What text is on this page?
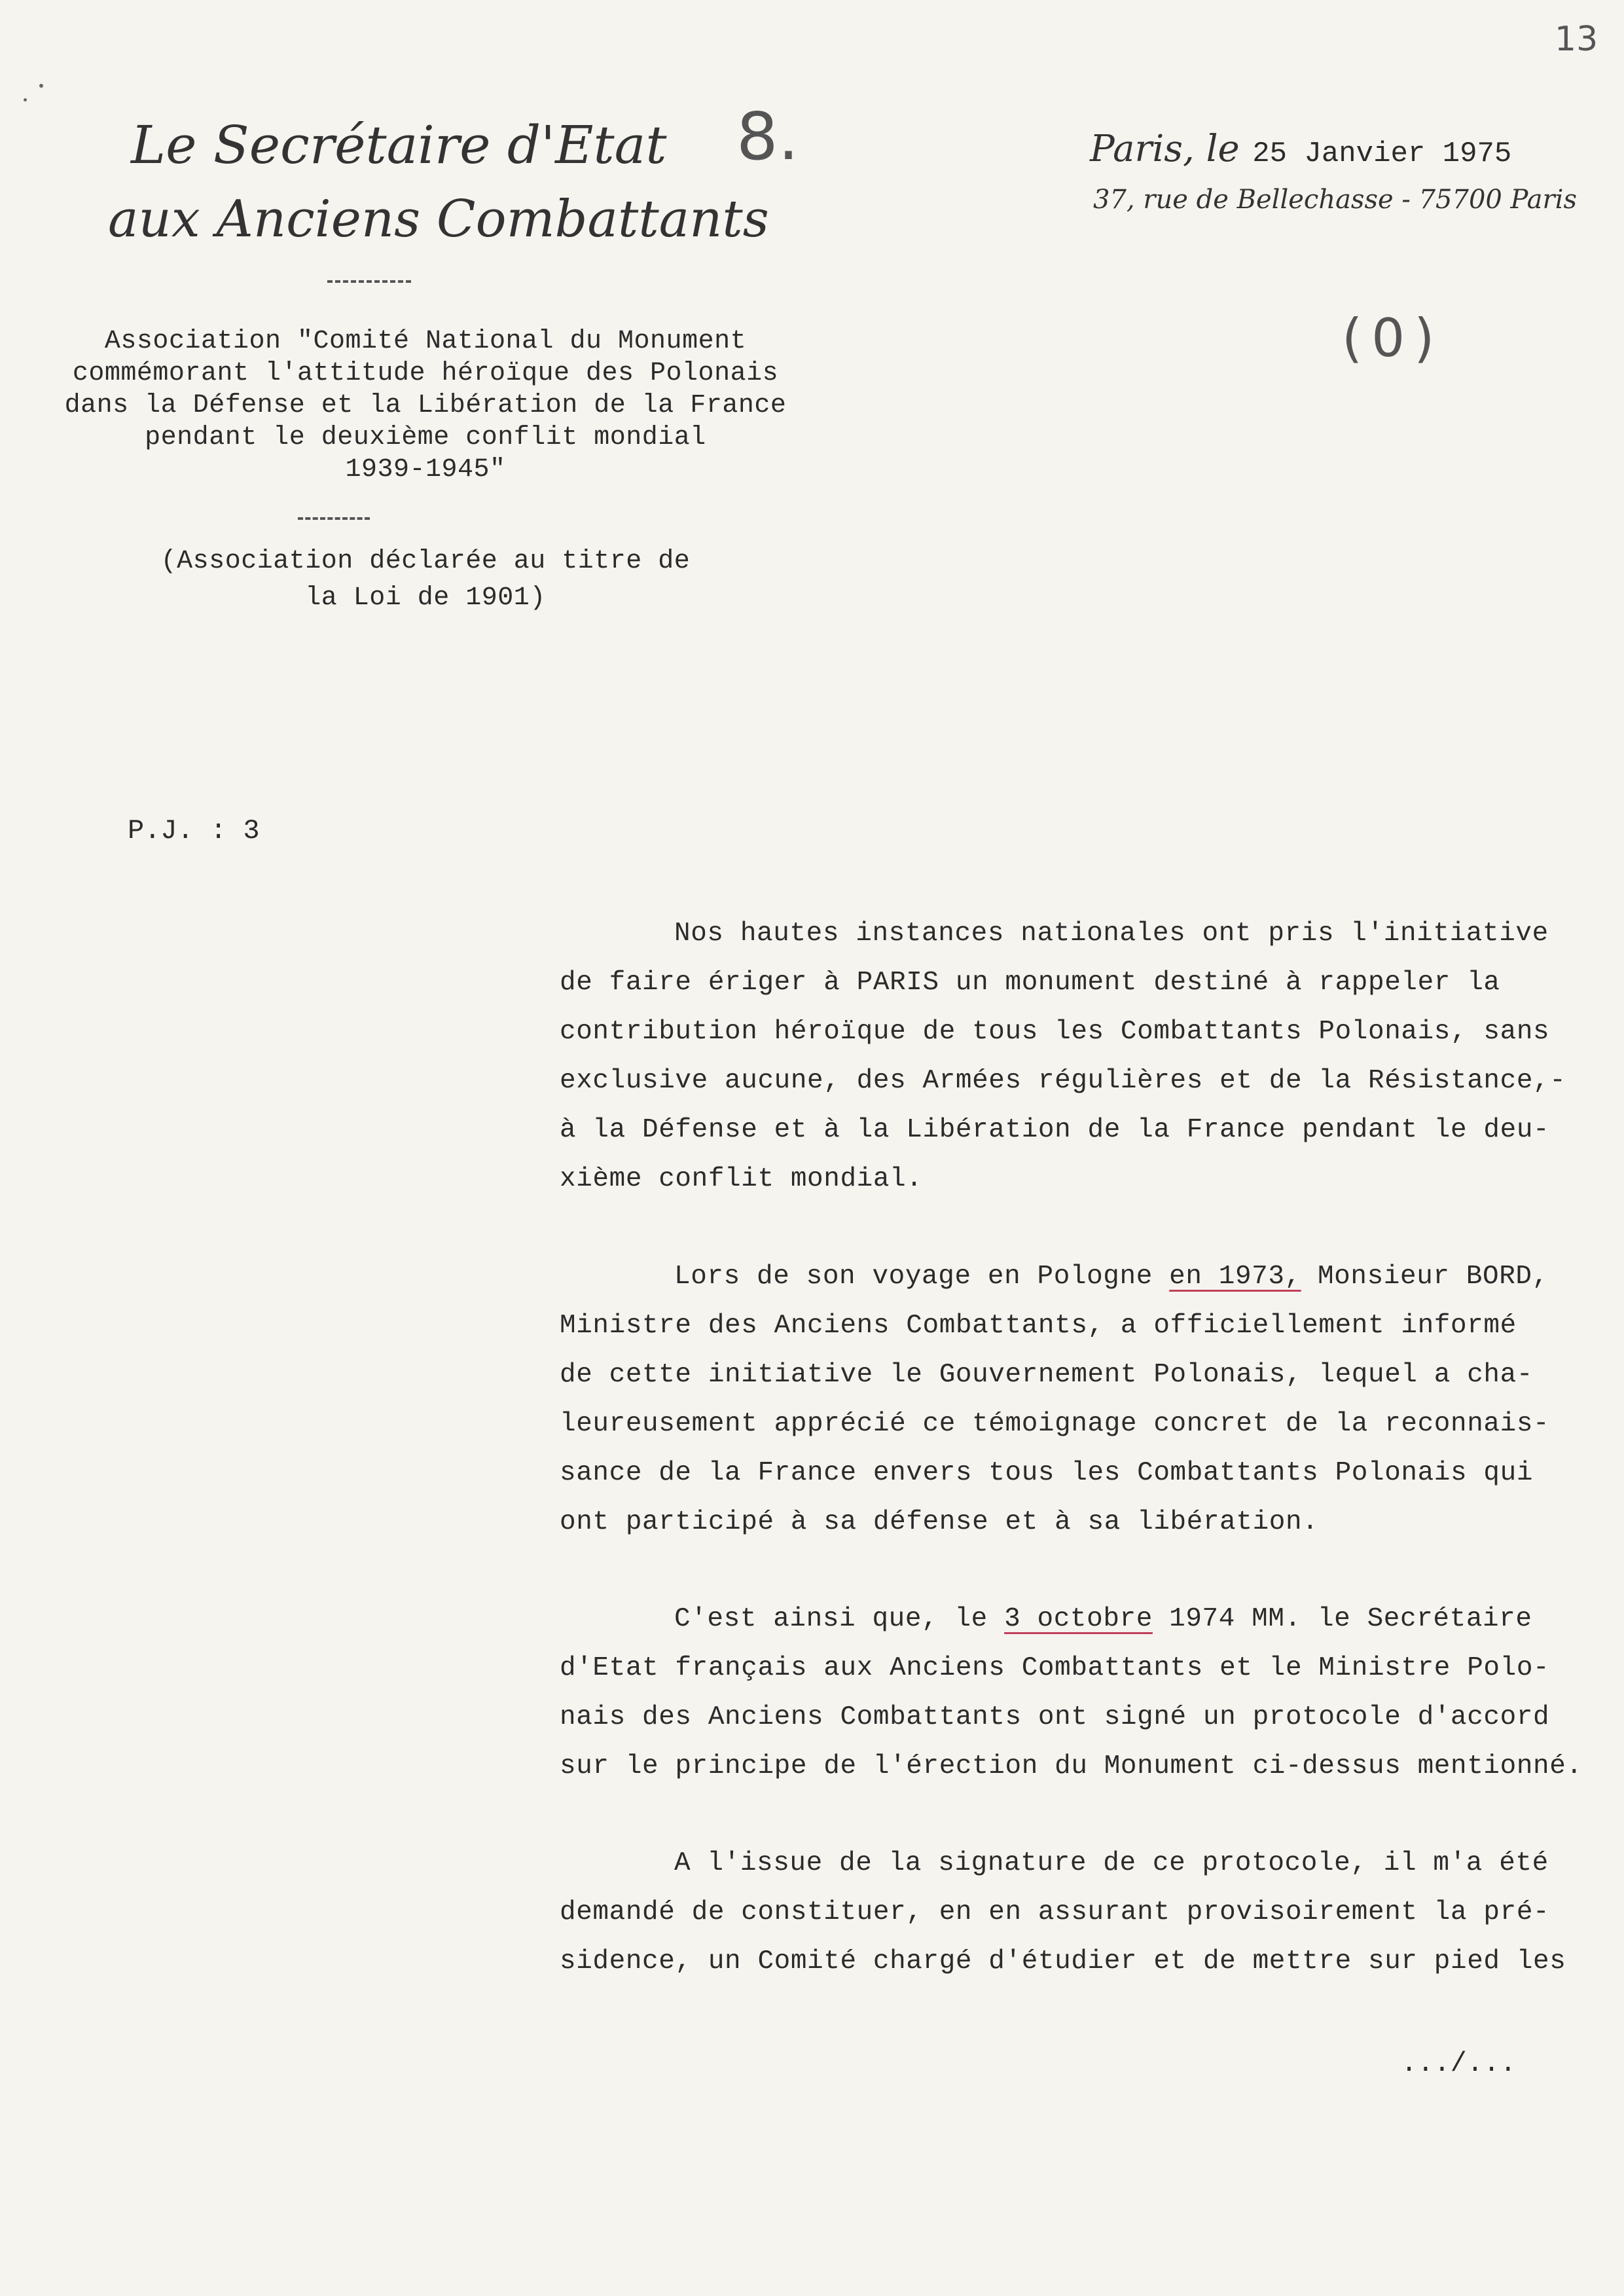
13
Le Secrétaire d'Etat
aux Anciens Combattants
8.	Paris, le 25 Janvier 1975
37, rue de Bellechasse - 75700 Paris
(0)
Association "Comité National du Monument
commémorant l'attitude héroïque des Polonais
dans la Défense et la Libération de la France
pendant le deuxième conflit mondial
1939-1945"
(Association déclarée au titre de
la Loi de 1901)
P.J. : 3
Nos hautes instances nationales ont pris l'initiative
de faire ériger à PARIS un monument destiné à rappeler la
contribution héroïque de tous les Combattants Polonais, sans
exclusive aucune, des Armées régulières et de la Résistance,-
à la Défense et à la Libération de la France pendant le deu-
xième conflit mondial.
Lors de son voyage en Pologne en 1973, Monsieur BORD,
Ministre des Anciens Combattants, a officiellement informé
de cette initiative le Gouvernement Polonais, lequel a cha-
leureusement apprécié ce témoignage concret de la reconnais-
sance de la France envers tous les Combattants Polonais qui
ont participé à sa défense et à sa libération.
C'est ainsi que, le 3 octobre 1974 MM. le Secrétaire
d'Etat français aux Anciens Combattants et le Ministre Polo-
nais des Anciens Combattants ont signé un protocole d'accord
sur le principe de l'érection du Monument ci-dessus mentionné.
A l'issue de la signature de ce protocole, il m'a été
demandé de constituer, en en assurant provisoirement la pré-
sidence, un Comité chargé d'étudier et de mettre sur pied les
.../...
